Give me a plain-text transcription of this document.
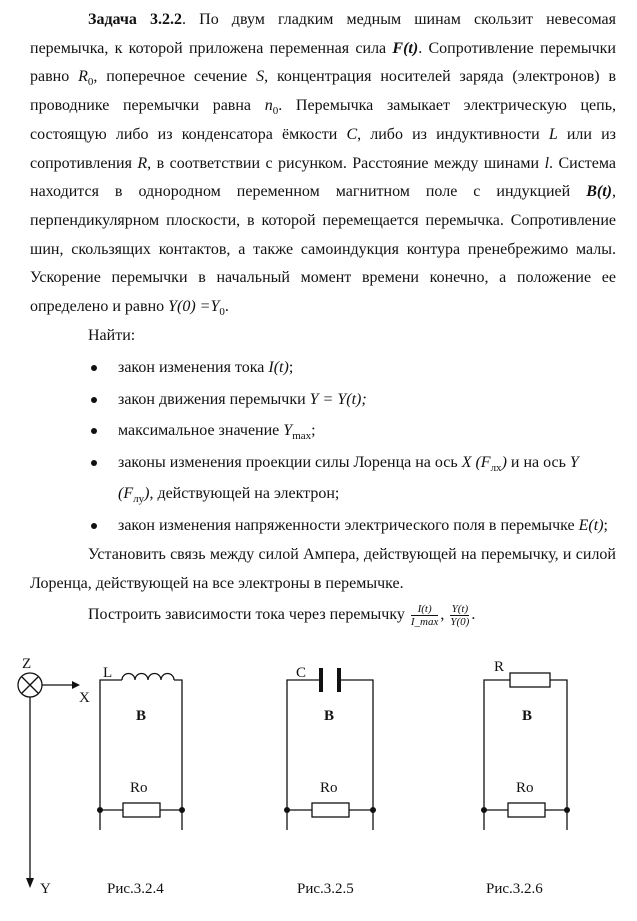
Задача 3.2.2. По двум гладким медным шинам скользит невесомая перемычка, к которой приложена переменная сила F(t). Сопротивление перемычки равно $R_0$, поперечное сечение S, концентрация носителей заряда (электронов) в проводнике перемычки равна $n_0$. Перемычка замыкает электрическую цепь, состоящую либо из конденсатора ёмкости C, либо из индуктивности L или из сопротивления R, в соответствии с рисунком. Расстояние между шинами l. Система находится в однородном переменном магнитном поле с индукцией B(t), перпендикулярном плоскости, в которой перемещается перемычка. Сопротивление шин, скользящих контактов, а также самоиндукция контура пренебрежимо малы. Ускорение перемычки в начальный момент времени конечно, а положение ее определено и равно $Y(0) =Y_0$.
Найти:
закон изменения тока I(t);
закон движения перемычки Y = Y(t);
максимальное значение $Y_{max}$;
законы изменения проекции силы Лоренца на ось X $(F_{лx})$ и на ось Y $(F_{лy})$, действующей на электрон;
закон изменения напряженности электрического поля в перемычке E(t);
Установить связь между силой Ампера, действующей на перемычку, и силой Лоренца, действующей на все электроны в перемычке.
Построить зависимости тока через перемычку $\frac{I(t)}{I\_\max}$ , $\frac{Y(t)}{Y(0)}$ .
Z
X
Y
L
B
Ro
Рис.3.2.4
C
B
Ro
Рис.3.2.5
R
B
Ro
Рис.3.2.6
